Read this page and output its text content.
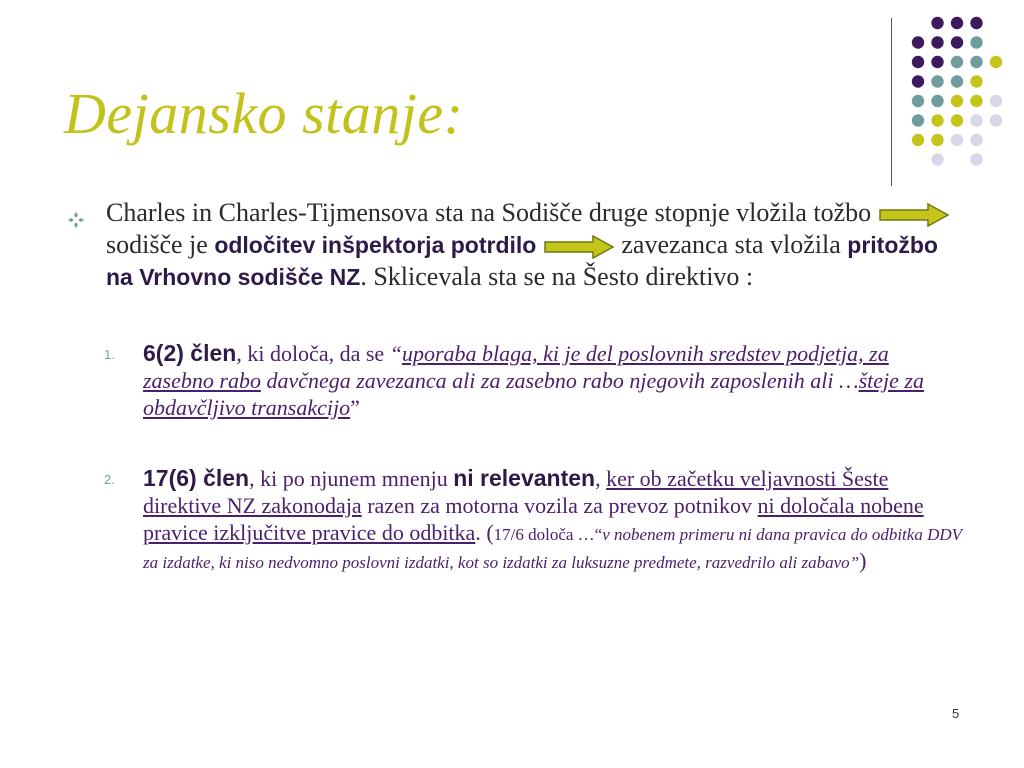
Dejansko stanje:
Charles in Charles-Tijmensova sta na Sodišče druge stopnje vložila tožbo  sodišče je odločitev inšpektorja potrdilo	zavezanca sta vložila pritožbo na Vrhovno sodišče NZ. Sklicevala sta se na Šesto direktivo :
1. 6(2) člen, ki določa, da se “uporaba blaga, ki je del poslovnih sredstev podjetja, za zasebno rabo davčnega zavezanca ali za zasebno rabo njegovih zaposlenih ali …šteje za obdavčljivo transakcijo”
2. 17(6) člen, ki po njunem mnenju ni relevanten, ker ob začetku veljavnosti Šeste direktive NZ zakonodaja razen za motorna vozila za prevoz potnikov ni določala nobene pravice izključitve pravice do odbitka. (17/6 določa …“v nobenem primeru ni dana pravica do odbitka DDV za izdatke, ki niso nedvomno poslovni izdatki, kot so izdatki za luksuzne predmete, razvedrilo ali zabavo”)
5
